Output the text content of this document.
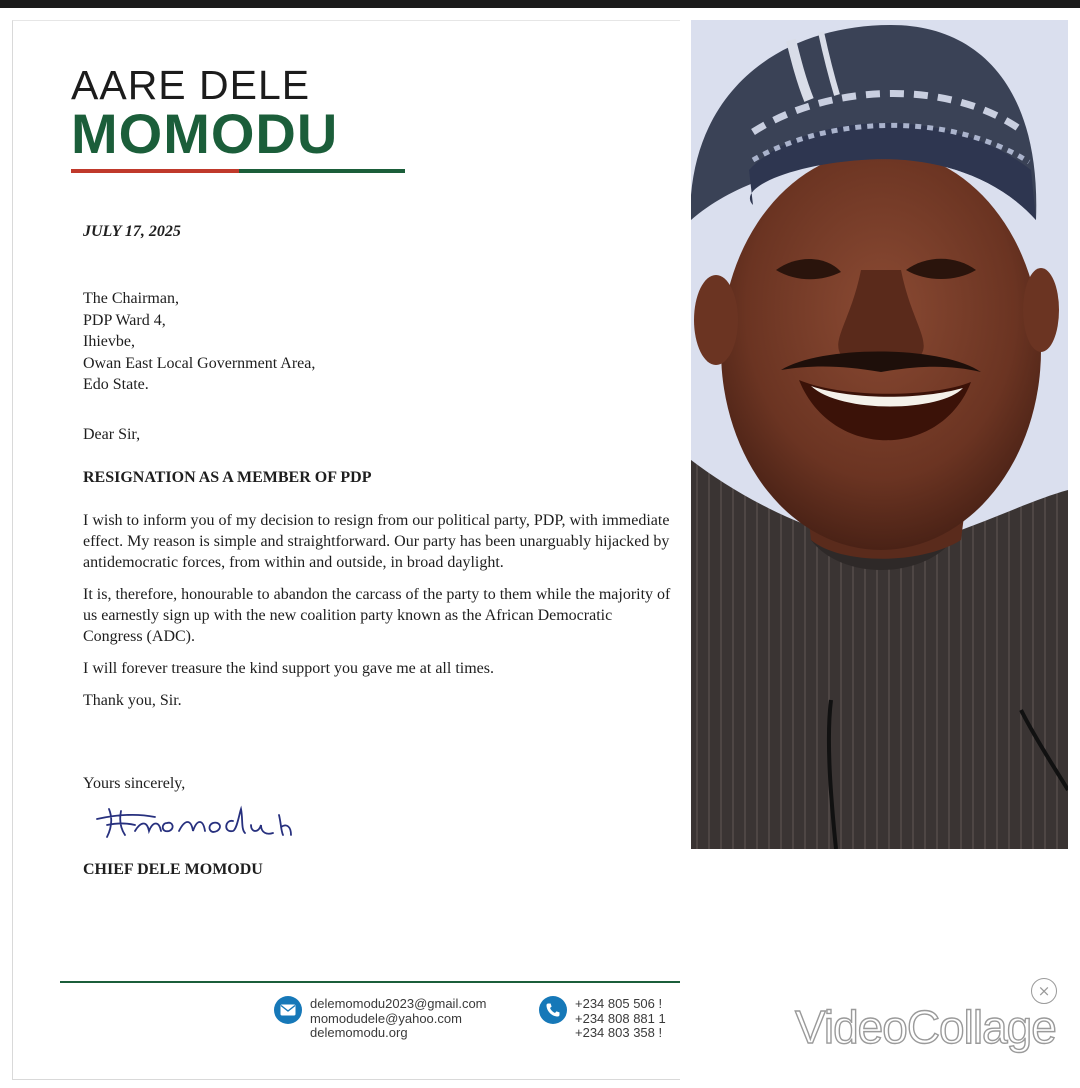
AARE DELE
MOMODU
JULY 17, 2025
The Chairman,
PDP Ward 4,
Ihievbe,
Owan East Local Government Area,
Edo State.
Dear Sir,
RESIGNATION AS A MEMBER OF PDP

I wish to inform you of my decision to resign from our political party, PDP, with immediate effect. My reason is simple and straightforward. Our party has been unarguably hijacked by antidemocratic forces, from within and outside, in broad daylight.

It is, therefore, honourable to abandon the carcass of the party to them while the majority of us earnestly sign up with the new coalition party known as the African Democratic Congress (ADC).

I will forever treasure the kind support you gave me at all times.

Thank you, Sir.

Yours sincerely,
CHIEF DELE MOMODU
delemomodu2023@gmail.com
momodudele@yahoo.com
delemomodu.org
+234 805 506 !
+234 808 881 1
+234 803 358 !
×
VideoCollage
